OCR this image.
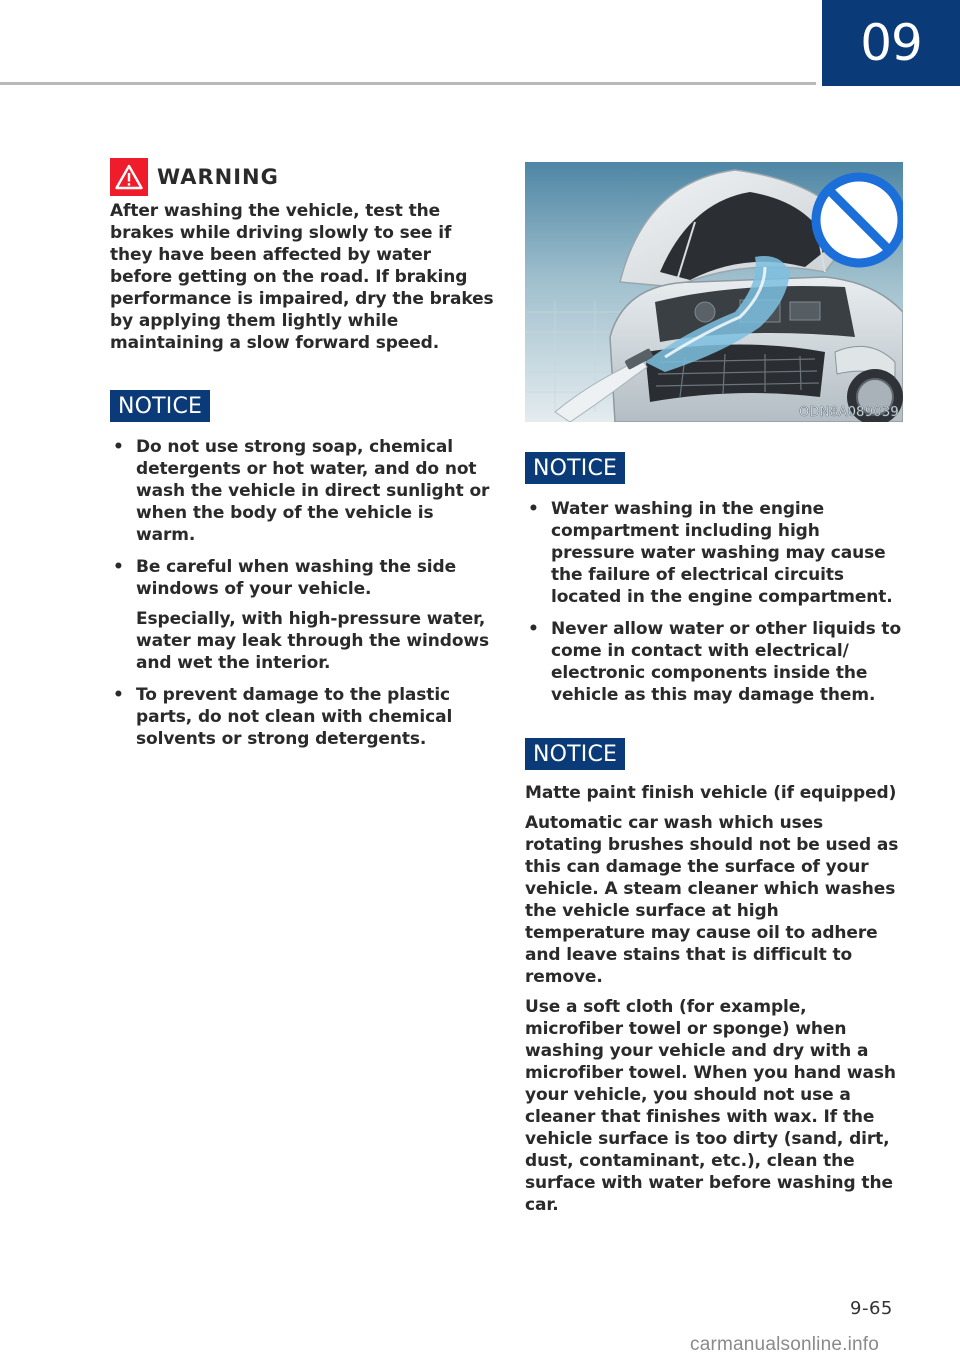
09
WARNING

After washing the vehicle, test the brakes while driving slowly to see if they have been affected by water before getting on the road. If braking performance is impaired, dry the brakes by applying them lightly while maintaining a slow forward speed.

NOTICE
• Do not use strong soap, chemical detergents or hot water, and do not wash the vehicle in direct sunlight or when the body of the vehicle is warm.

• Be careful when washing the side windows of your vehicle.

Especially, with high-pressure water, water may leak through the windows and wet the interior.

• To prevent damage to the plastic parts, do not clean with chemical solvents or strong detergents.

ODN8A089039
NOTICE
• Water washing in the engine compartment including high pressure water washing may cause the failure of electrical circuits located in the engine compartment.

• Never allow water or other liquids to come in contact with electrical/ electronic components inside the vehicle as this may damage them.

NOTICE

Matte paint finish vehicle (if equipped)

Automatic car wash which uses rotating brushes should not be used as this can damage the surface of your vehicle. A steam cleaner which washes the vehicle surface at high temperature may cause oil to adhere and leave stains that is difficult to remove.

Use a soft cloth (for example, microfiber towel or sponge) when washing your vehicle and dry with a microfiber towel. When you hand wash your vehicle, you should not use a cleaner that finishes with wax. If the vehicle surface is too dirty (sand, dirt, dust, contaminant, etc.), clean the surface with water before washing the car.

9-65
carmanualsonline.info
